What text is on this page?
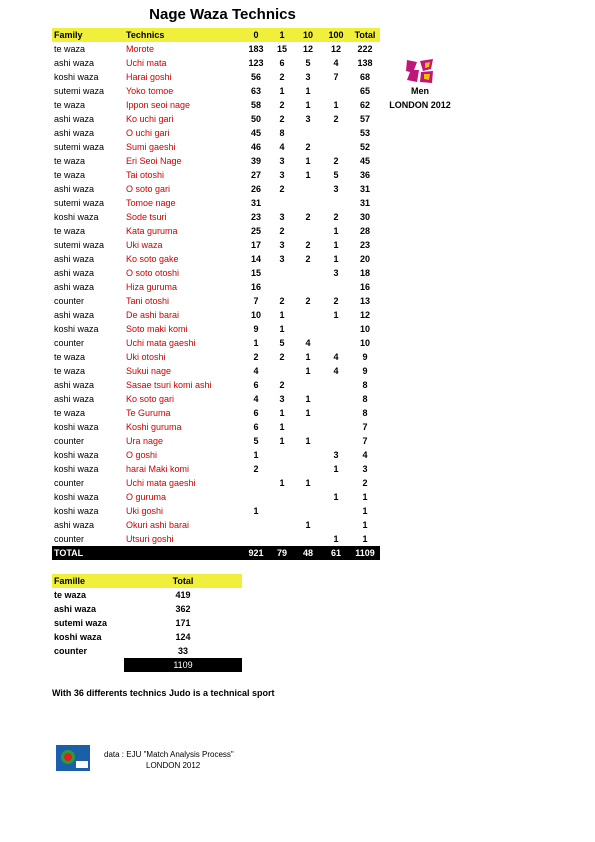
Nage Waza Technics
Family	Technics	0	1	10	100	Total
te waza	Morote	183	15	12	12	222
ashi waza	Uchi mata	123	6	5	4	138
koshi waza	Harai goshi	56	2	3	7	68
sutemi waza	Yoko tomoe	63	1	1		65
te waza	Ippon seoi nage	58	2	1	1	62
ashi waza	Ko uchi gari	50	2	3	2	57
ashi waza	O uchi gari	45	8			53
sutemi waza	Sumi gaeshi	46	4	2		52
te waza	Eri Seoi Nage	39	3	1	2	45
te waza	Tai otoshi	27	3	1	5	36
ashi waza	O soto gari	26	2		3	31
sutemi waza	Tomoe nage	31				31
koshi waza	Sode tsuri	23	3	2	2	30
te waza	Kata guruma	25	2		1	28
sutemi waza	Uki waza	17	3	2	1	23
ashi waza	Ko soto gake	14	3	2	1	20
ashi waza	O soto otoshi	15			3	18
ashi waza	Hiza guruma	16				16
counter	Tani otoshi	7	2	2	2	13
ashi waza	De ashi barai	10	1		1	12
koshi waza	Soto maki komi	9	1			10
counter	Uchi mata gaeshi	1	5	4		10
te waza	Uki otoshi	2	2	1	4	9
te waza	Sukui nage	4		1	4	9
ashi waza	Sasae tsuri komi ashi	6	2			8
ashi waza	Ko soto gari	4	3	1		8
te waza	Te Guruma	6	1	1		8
koshi waza	Koshi guruma	6	1			7
counter	Ura nage	5	1	1		7
koshi waza	O goshi	1			3	4
koshi waza	harai Maki komi	2			1	3
counter	Uchi mata gaeshi		1	1		2
koshi waza	O guruma				1	1
koshi waza	Uki goshi	1				1
ashi waza	Okuri ashi barai			1		1
counter	Utsuri goshi				1	1
TOTAL		921	79	48	61	1109
Men
LONDON 2012
Famille	Total
te waza	419
ashi waza	362
sutemi waza	171
koshi waza	124
counter	33
	1109
With 36 differents technics Judo is a technical sport
data : EJU "Match Analysis Process"
LONDON 2012
